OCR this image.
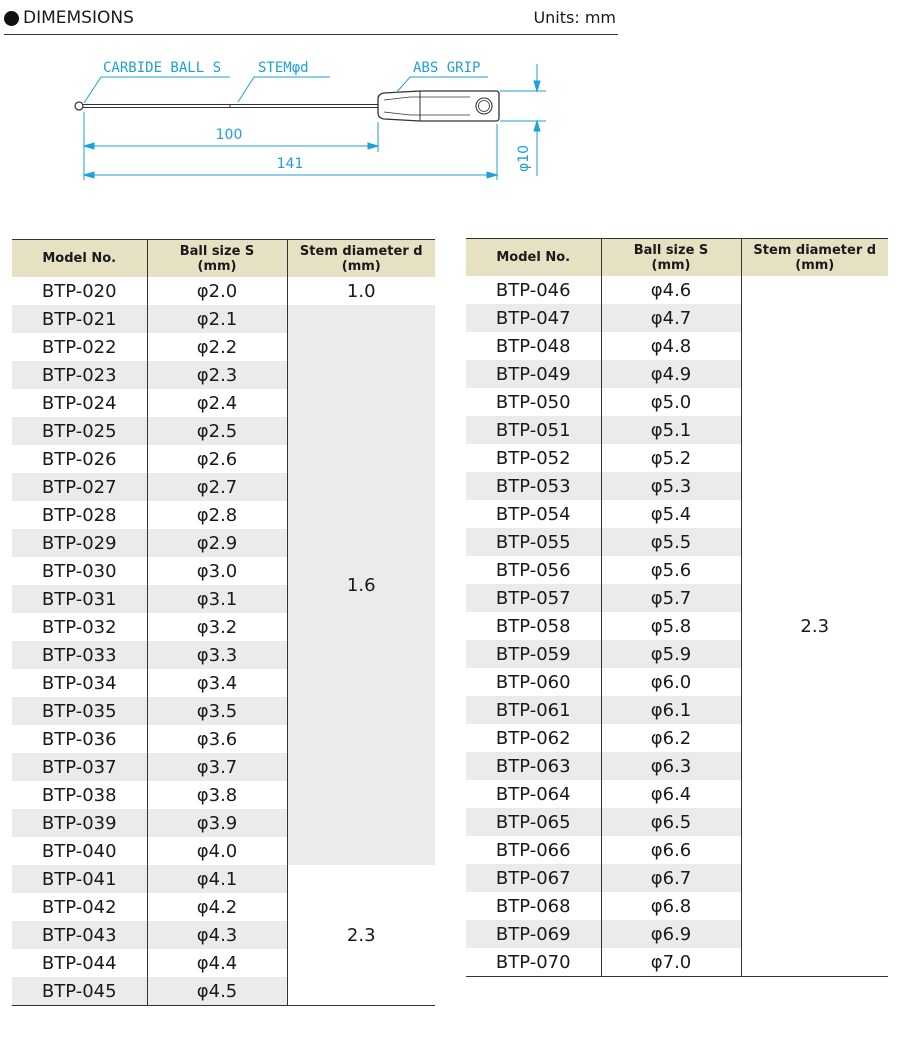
DIMEMSIONS	Units: mm
CARBIDE BALL S	STEMφd	ABS GRIP
100
141	φ10
Model No.	Ball size S
(mm)	Stem diameter d
(mm)
BTP-020	φ2.0	1.0
BTP-021	φ2.1	1.6
BTP-022	φ2.2	
BTP-023	φ2.3	
BTP-024	φ2.4	
BTP-025	φ2.5	
BTP-026	φ2.6	
BTP-027	φ2.7	
BTP-028	φ2.8	
BTP-029	φ2.9	
BTP-030	φ3.0	
BTP-031	φ3.1	
BTP-032	φ3.2	
BTP-033	φ3.3	
BTP-034	φ3.4	
BTP-035	φ3.5	
BTP-036	φ3.6	
BTP-037	φ3.7	
BTP-038	φ3.8	
BTP-039	φ3.9	
BTP-040	φ4.0	
BTP-041	φ4.1	2.3
BTP-042	φ4.2	
BTP-043	φ4.3	
BTP-044	φ4.4	
BTP-045	φ4.5	
Model No.	Ball size S
(mm)	Stem diameter d
(mm)
BTP-046	φ4.6	2.3
BTP-047	φ4.7	
BTP-048	φ4.8	
BTP-049	φ4.9	
BTP-050	φ5.0	
BTP-051	φ5.1	
BTP-052	φ5.2	
BTP-053	φ5.3	
BTP-054	φ5.4	
BTP-055	φ5.5	
BTP-056	φ5.6	
BTP-057	φ5.7	
BTP-058	φ5.8	
BTP-059	φ5.9	
BTP-060	φ6.0	
BTP-061	φ6.1	
BTP-062	φ6.2	
BTP-063	φ6.3	
BTP-064	φ6.4	
BTP-065	φ6.5	
BTP-066	φ6.6	
BTP-067	φ6.7	
BTP-068	φ6.8	
BTP-069	φ6.9	
BTP-070	φ7.0	
